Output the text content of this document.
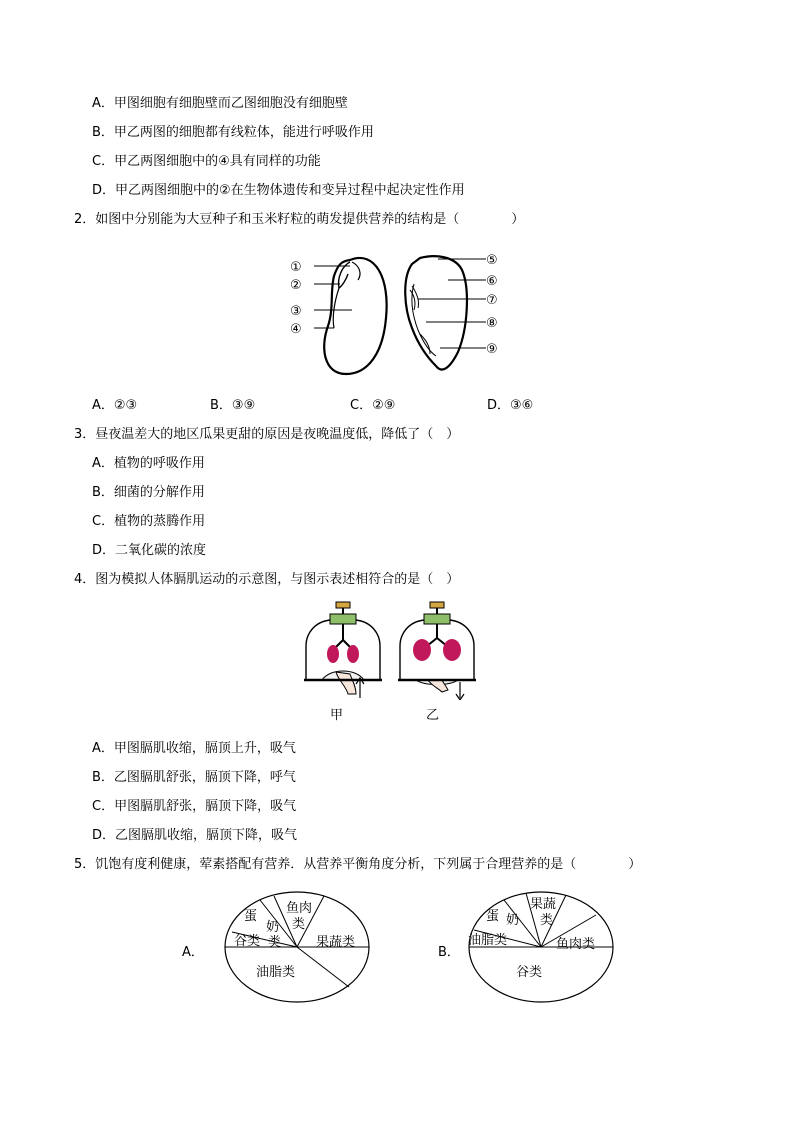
A．甲图细胞有细胞壁而乙图细胞没有细胞壁
B．甲乙两图的细胞都有线粒体，能进行呼吸作用
C．甲乙两图细胞中的④具有同样的功能
D．甲乙两图细胞中的②在生物体遗传和变异过程中起决定性作用
2．如图中分别能为大豆种子和玉米籽粒的萌发提供营养的结构是（　　　　）
①
②
③
④
⑤
⑥
⑦
⑧
⑨
A．②③	B．③⑨	C．②⑨	D．③⑥
3．昼夜温差大的地区瓜果更甜的原因是夜晚温度低，降低了（　）
A．植物的呼吸作用
B．细菌的分解作用
C．植物的蒸腾作用
D．二氧化碳的浓度
4．图为模拟人体膈肌运动的示意图，与图示表述相符合的是（　）
甲	乙
A．甲图膈肌收缩，膈顶上升，吸气
B．乙图膈肌舒张，膈顶下降，呼气
C．甲图膈肌舒张，膈顶下降，吸气
D．乙图膈肌收缩，膈顶下降，吸气
5．饥饱有度利健康，荤素搭配有营养．从营养平衡角度分析，下列属于合理营养的是（　　　　）
A．
蛋
奶
类
鱼肉
类
谷类	果蔬类
油脂类
B．
蛋 奶
果蔬
类
油脂类	鱼肉类
谷类
